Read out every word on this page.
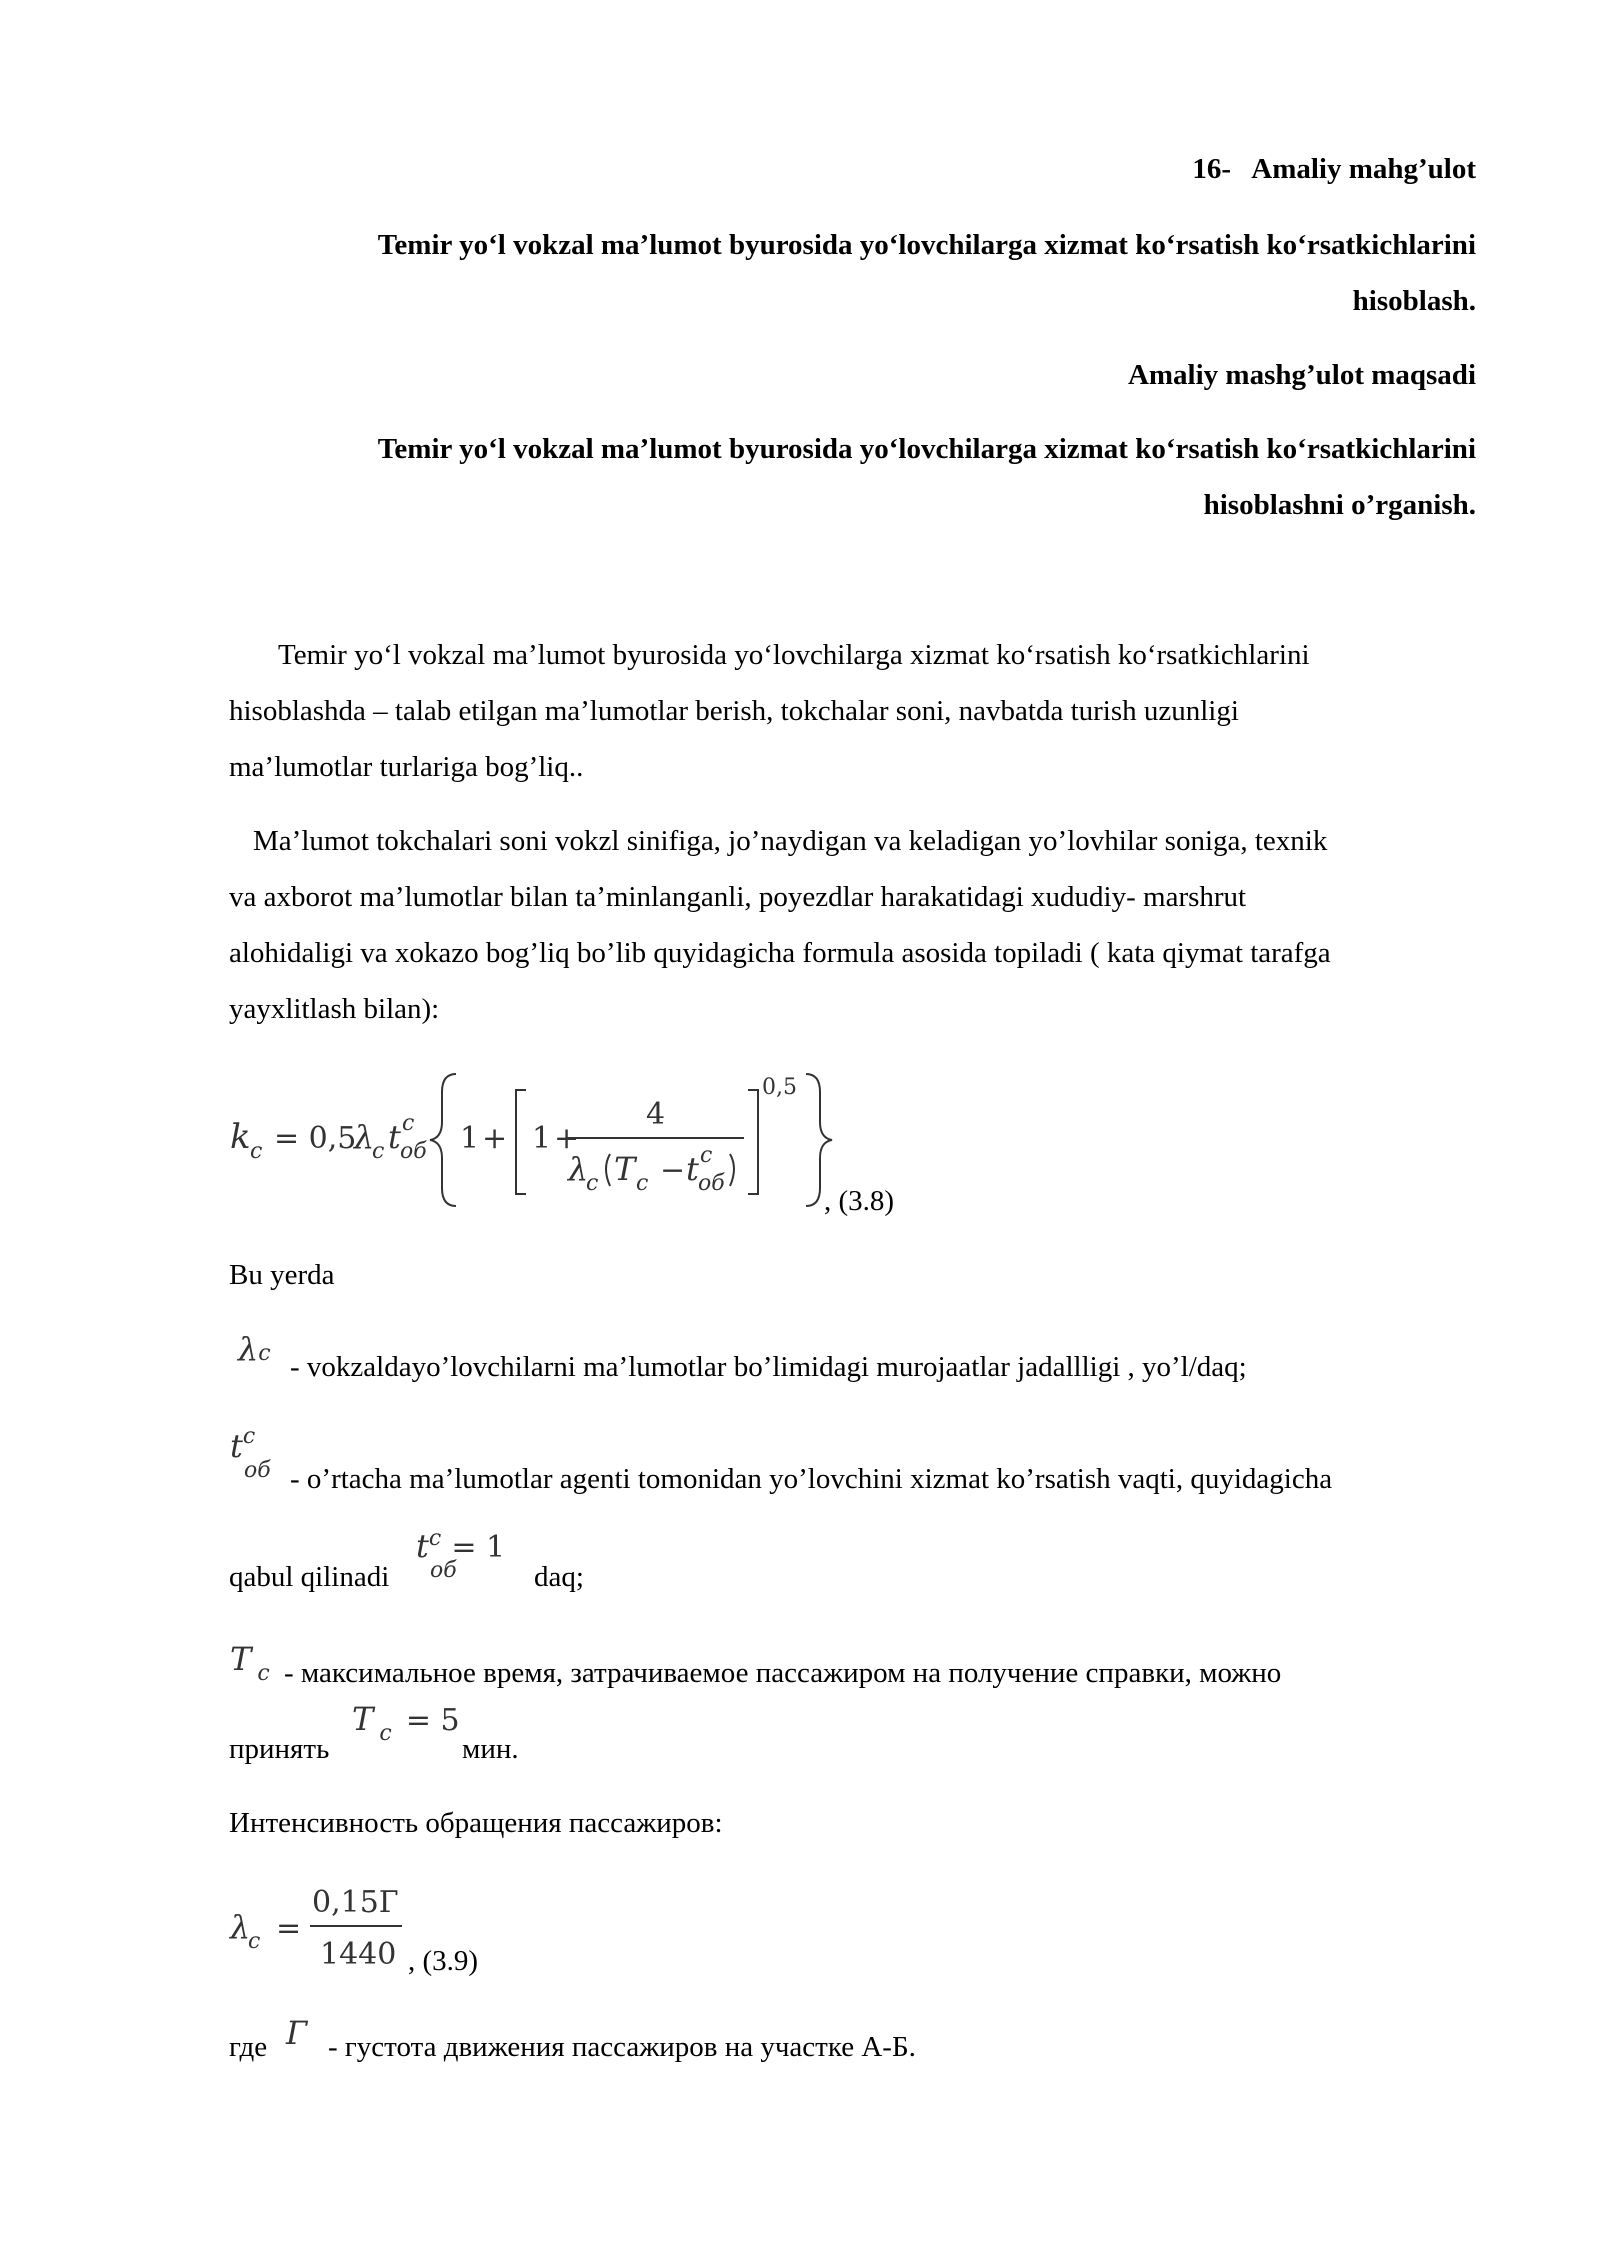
16- Amaliy mahg’ulot
Temir yo‘l vokzal ma’lumot byurosida yo‘lovchilarga xizmat ko‘rsatish ko‘rsatkichlarini
hisoblash.
Amaliy mashg’ulot maqsadi
Temir yo‘l vokzal ma’lumot byurosida yo‘lovchilarga xizmat ko‘rsatish ko‘rsatkichlarini
hisoblashni o’rganish.
Temir yo‘l vokzal ma’lumot byurosida yo‘lovchilarga xizmat ko‘rsatish ko‘rsatkichlarini
hisoblashda – talab etilgan ma’lumotlar berish, tokchalar soni, navbatda turish uzunligi
ma’lumotlar turlariga bog’liq..
Ma’lumot tokchalari soni vokzl sinifiga, jo’naydigan va keladigan yo’lovhilar soniga, texnik
va axborot ma’lumotlar bilan ta’minlanganli, poyezdlar harakatidagi xududiy- marshrut
alohidaligi va xokazo bog’liq bo’lib quyidagicha formula asosida topiladi ( kata qiymat tarafga
yayxlitlash bilan):
k c = 0,5
λ
c t c
об 1 + 1 +
4
λ
c T c − t c
об
0,5
, (3.8)
Bu yerda
λc - vokzaldayo’lovchilarni ma’lumotlar bo’limidagi murojaatlar jadallligi , yo’l/daq;
$t^c$

об - o’rtacha ma’lumotlar agenti tomonidan yo’lovchini xizmat ko’rsatish vaqti, quyidagicha
qabul qilinadi
$t^c = 1$
об	daq;
T $_c$ - максимальное время, затрачиваемое пассажиром на получение справки, можно
принять
T $_c$ = 5
мин.
Интенсивность обращения пассажиров:
λ
c =
0,15Г
1440 , (3.9)
где Г - густота движения пассажиров на участке А-Б.
